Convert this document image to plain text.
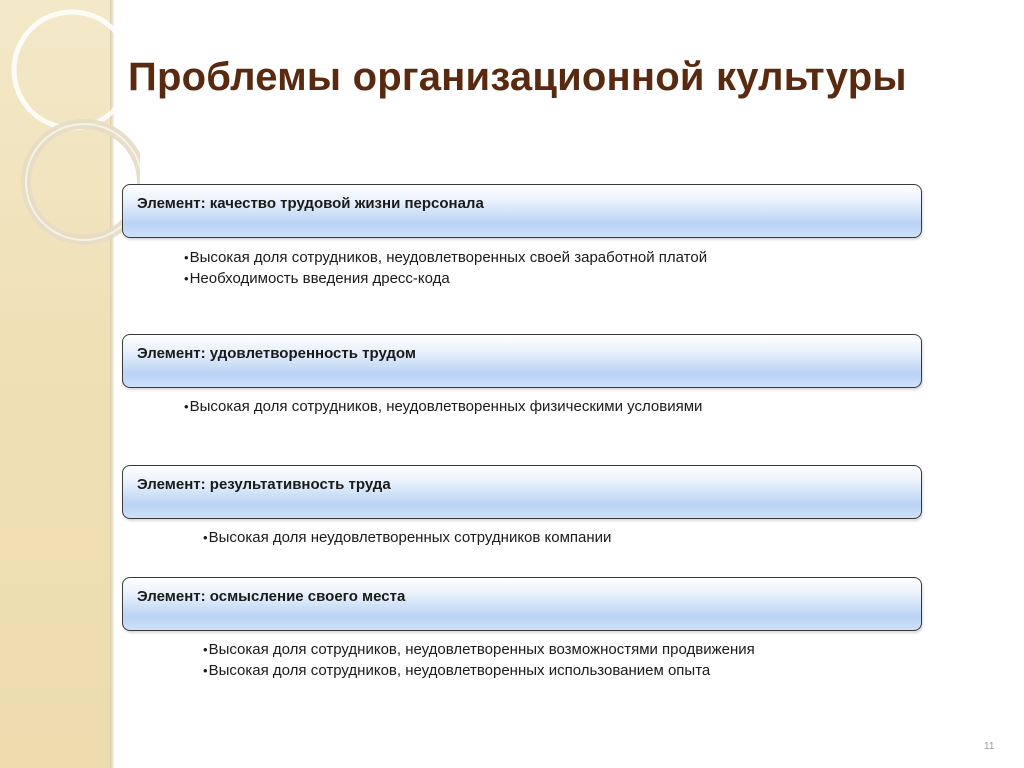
Проблемы организационной культуры
Элемент: качество трудовой жизни персонала
• Высокая доля сотрудников, неудовлетворенных своей заработной платой
• Необходимость введения дресс-кода
Элемент: удовлетворенность трудом
• Высокая доля сотрудников, неудовлетворенных физическими условиями
Элемент: результативность труда
• Высокая доля неудовлетворенных сотрудников компании
Элемент: осмысление своего места
• Высокая доля сотрудников, неудовлетворенных возможностями продвижения
• Высокая доля сотрудников, неудовлетворенных использованием опыта
11
